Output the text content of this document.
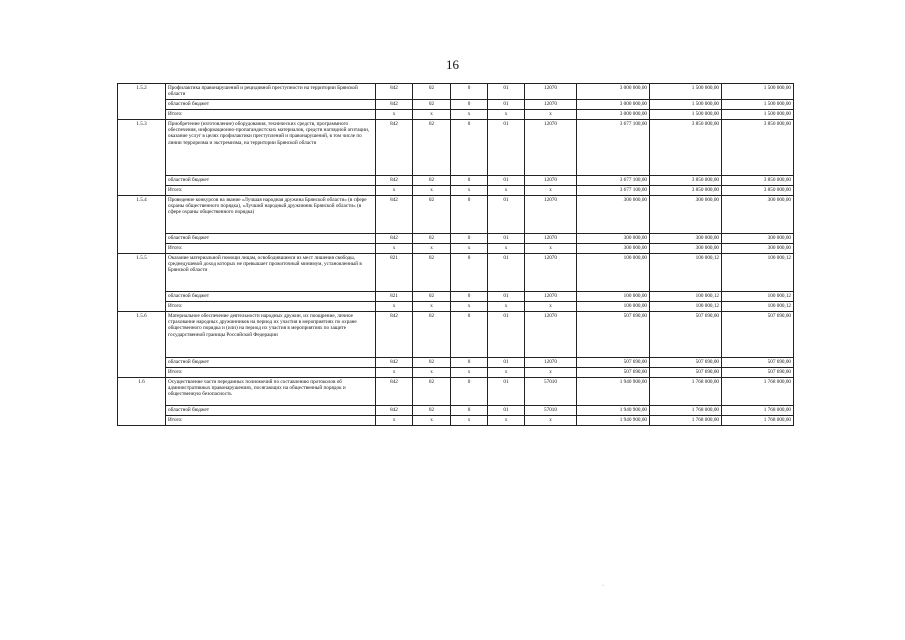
16
1.5.2	Профилактика правонарушений и рецидивной преступности на территории Брянской области	842	02	0	01	12070	3 000 000,00	1 500 000,00	1 500 000,00
	областной бюджет	842	02	0	01	12070	3 000 000,00	1 500 000,00	1 500 000,00
	Итого:	х	х	х	х	х	3 000 000,00	1 500 000,00	1 500 000,00
1.5.3	Приобретение (изготовление) оборудования, технических средств, программного обеспечения, информационно-пропагандистских материалов, средств наглядной агитации, оказание услуг в целях профилактики преступлений и правонарушений, в том числе по линии терроризма и экстремизма, на территории Брянской области	842	02	0	01	12070	3 677 100,00	3 850 000,00	3 850 000,00
	областной бюджет	842	02	0	01	12070	3 677 100,00	3 850 000,00	3 850 000,00
	Итого:	х	х	х	х	х	3 677 100,00	3 850 000,00	3 850 000,00
1.5.4	Проведение конкурсов на звание «Лучшая народная дружина Брянской области» (в сфере охраны общественного порядка), «Лучший народный дружинник Брянской области» (в сфере охраны общественного порядка)	842	02	0	01	12070	300 000,00	300 000,00	300 000,00
	областной бюджет	842	02	0	01	12070	300 000,00	300 000,00	300 000,00
	Итого:	х	х	х	х	х	300 000,00	300 000,00	300 000,00
1.5.5	Оказание материальной помощи лицам, освободившимся из мест лишения свободы, среднедушевой доход которых не превышает прожиточный минимум, установленный в Брянской области	821	02	0	01	12070	100 000,00	100 000,12	100 000,12
	областной бюджет	821	02	0	01	12070	100 000,00	100 000,12	100 000,12
	Итого:	х	х	х	х	х	100 000,00	100 000,12	100 000,12
1.5.6	Материальное обеспечение деятельности народных дружин, их поощрение, личное страхование народных дружинников на период их участия в мероприятиях по охране общественного порядка и (или) на период их участия в мероприятиях по защите государственной границы Российской Федерации	842	02	0	01	12070	507 690,00	507 690,00	507 690,00
	областной бюджет	842	02	0	01	12070	507 690,00	507 690,00	507 690,00
	Итого:	х	х	х	х	х	507 690,00	507 690,00	507 690,00
1.6	Осуществление части переданных полномочий по составлению протоколов об административных правонарушениях, посягающих на общественный порядок и общественную безопасность	842	02	0	01	57010	1 940 900,00	1 768 000,00	1 768 000,00
	областной бюджет	842	02	0	01	57010	1 940 900,00	1 768 000,00	1 768 000,00
	Итого:	х	х	х	х	х	1 940 900,00	1 768 000,00	1 768 000,00
·
